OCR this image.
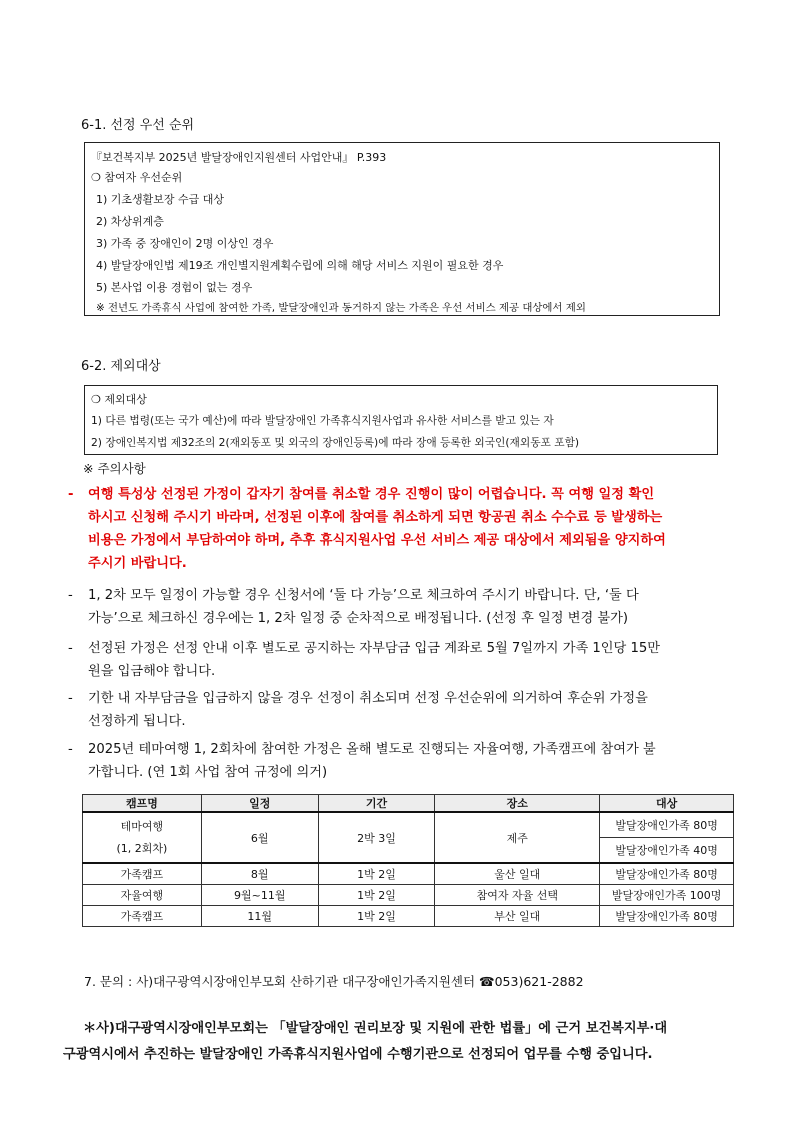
6-1. 선정 우선 순위
『보건복지부 2025년 발달장애인지원센터 사업안내』 P.393
❍ 참여자 우선순위
1) 기초생활보장 수급 대상
2) 차상위계층
3) 가족 중 장애인이 2명 이상인 경우
4) 발달장애인법 제19조 개인별지원계획수립에 의해 해당 서비스 지원이 필요한 경우
5) 본사업 이용 경험이 없는 경우
※ 전년도 가족휴식 사업에 참여한 가족, 발달장애인과 동거하지 않는 가족은 우선 서비스 제공 대상에서 제외
6-2. 제외대상
❍ 제외대상
1) 다른 법령(또는 국가 예산)에 따라 발달장애인 가족휴식지원사업과 유사한 서비스를 받고 있는 자
2) 장애인복지법 제32조의 2(재외동포 및 외국의 장애인등록)에 따라 장애 등록한 외국인(재외동포 포함)
※ 주의사항
- 여행 특성상 선정된 가정이 갑자기 참여를 취소할 경우 진행이 많이 어렵습니다. 꼭 여행 일정 확인
하시고 신청해 주시기 바라며, 선정된 이후에 참여를 취소하게 되면 항공권 취소 수수료 등 발생하는
비용은 가정에서 부담하여야 하며, 추후 휴식지원사업 우선 서비스 제공 대상에서 제외됨을 양지하여
주시기 바랍니다.
- 1, 2차 모두 일정이 가능할 경우 신청서에 ‘둘 다 가능’으로 체크하여 주시기 바랍니다. 단, ‘둘 다
가능’으로 체크하신 경우에는 1, 2차 일정 중 순차적으로 배정됩니다. (선정 후 일정 변경 불가)
- 선정된 가정은 선정 안내 이후 별도로 공지하는 자부담금 입금 계좌로 5월 7일까지 가족 1인당 15만
원을 입금해야 합니다.
- 기한 내 자부담금을 입금하지 않을 경우 선정이 취소되며 선정 우선순위에 의거하여 후순위 가정을
선정하게 됩니다.
- 2025년 테마여행 1, 2회차에 참여한 가정은 올해 별도로 진행되는 자율여행, 가족캠프에 참여가 불
가합니다. (연 1회 사업 참여 규정에 의거)
캠프명	일정	기간	장소	대상

테마여행
(1, 2회차)	6월	2박 3일	제주	발달장애인가족 80명
				발달장애인가족 40명
가족캠프	8월	1박 2일	울산 일대	발달장애인가족 80명
자율여행	9월~11월	1박 2일	참여자 자율 선택	발달장애인가족 100명
가족캠프	11월	1박 2일	부산 일대	발달장애인가족 80명
7. 문의 : 사)대구광역시장애인부모회 산하기관 대구장애인가족지원센터 ☎053)621-2882
＊사)대구광역시장애인부모회는 「발달장애인 권리보장 및 지원에 관한 법률」에 근거 보건복지부·대
구광역시에서 추진하는 발달장애인 가족휴식지원사업에 수행기관으로 선정되어 업무를 수행 중입니다.
